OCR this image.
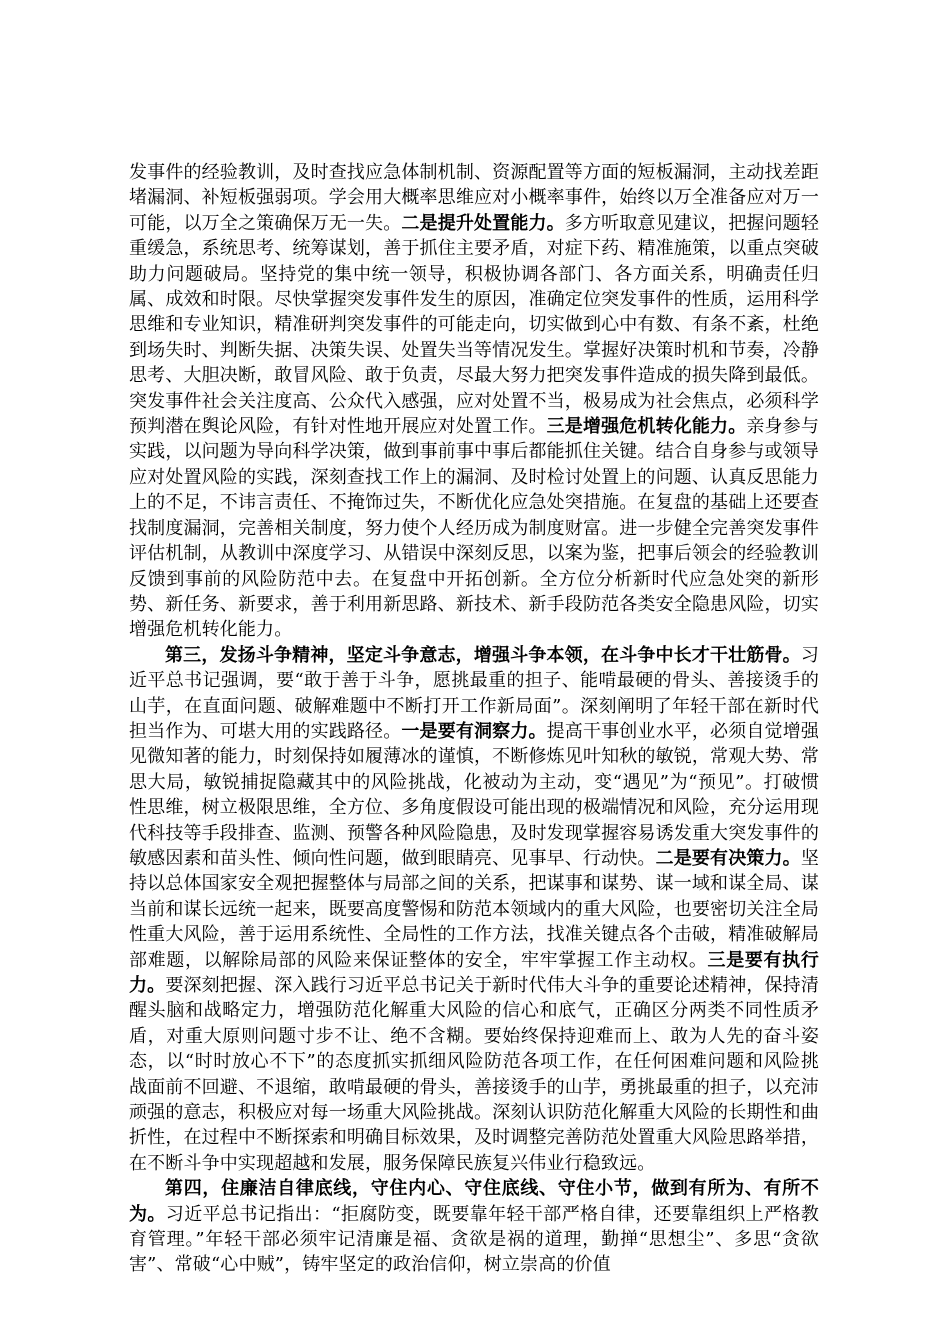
发事件的经验教训，及时查找应急体制机制、资源配置等方面的短板漏洞，主动找差距堵漏洞、补短板强弱项。学会用大概率思维应对小概率事件，始终以万全准备应对万一可能，以万全之策确保万无一失。二是提升处置能力。多方听取意见建议，把握问题轻重缓急，系统思考、统筹谋划，善于抓住主要矛盾，对症下药、精准施策，以重点突破助力问题破局。坚持党的集中统一领导，积极协调各部门、各方面关系，明确责任归属、成效和时限。尽快掌握突发事件发生的原因，准确定位突发事件的性质，运用科学思维和专业知识，精准研判突发事件的可能走向，切实做到心中有数、有条不紊，杜绝到场失时、判断失据、决策失误、处置失当等情况发生。掌握好决策时机和节奏，冷静思考、大胆决断，敢冒风险、敢于负责，尽最大努力把突发事件造成的损失降到最低。突发事件社会关注度高、公众代入感强，应对处置不当，极易成为社会焦点，必须科学预判潜在舆论风险，有针对性地开展应对处置工作。三是增强危机转化能力。亲身参与实践，以问题为导向科学决策，做到事前事中事后都能抓住关键。结合自身参与或领导应对处置风险的实践，深刻查找工作上的漏洞、及时检讨处置上的问题、认真反思能力上的不足，不讳言责任、不掩饰过失，不断优化应急处突措施。在复盘的基础上还要查找制度漏洞，完善相关制度，努力使个人经历成为制度财富。进一步健全完善突发事件评估机制，从教训中深度学习、从错误中深刻反思，以案为鉴，把事后领会的经验教训反馈到事前的风险防范中去。在复盘中开拓创新。全方位分析新时代应急处突的新形势、新任务、新要求，善于利用新思路、新技术、新手段防范各类安全隐患风险，切实增强危机转化能力。

第三，发扬斗争精神，坚定斗争意志，增强斗争本领，在斗争中长才干壮筋骨。习近平总书记强调，要“敢于善于斗争，愿挑最重的担子、能啃最硬的骨头、善接烫手的山芋，在直面问题、破解难题中不断打开工作新局面”。深刻阐明了年轻干部在新时代担当作为、可堪大用的实践路径。一是要有洞察力。提高干事创业水平，必须自觉增强见微知著的能力，时刻保持如履薄冰的谨慎，不断修炼见叶知秋的敏锐，常观大势、常思大局，敏锐捕捉隐藏其中的风险挑战，化被动为主动，变“遇见”为“预见”。打破惯性思维，树立极限思维，全方位、多角度假设可能出现的极端情况和风险，充分运用现代科技等手段排查、监测、预警各种风险隐患，及时发现掌握容易诱发重大突发事件的敏感因素和苗头性、倾向性问题，做到眼睛亮、见事早、行动快。二是要有决策力。坚持以总体国家安全观把握整体与局部之间的关系，把谋事和谋势、谋一域和谋全局、谋当前和谋长远统一起来，既要高度警惕和防范本领域内的重大风险，也要密切关注全局性重大风险，善于运用系统性、全局性的工作方法，找准关键点各个击破，精准破解局部难题，以解除局部的风险来保证整体的安全，牢牢掌握工作主动权。三是要有执行力。要深刻把握、深入践行习近平总书记关于新时代伟大斗争的重要论述精神，保持清醒头脑和战略定力，增强防范化解重大风险的信心和底气，正确区分两类不同性质矛盾，对重大原则问题寸步不让、绝不含糊。要始终保持迎难而上、敢为人先的奋斗姿态，以“时时放心不下”的态度抓实抓细风险防范各项工作，在任何困难问题和风险挑战面前不回避、不退缩，敢啃最硬的骨头，善接烫手的山芋，勇挑最重的担子，以充沛顽强的意志，积极应对每一场重大风险挑战。深刻认识防范化解重大风险的长期性和曲折性，在过程中不断探索和明确目标效果，及时调整完善防范处置重大风险思路举措，在不断斗争中实现超越和发展，服务保障民族复兴伟业行稳致远。

第四，住廉洁自律底线，守住内心、守住底线、守住小节，做到有所为、有所不为。习近平总书记指出：“拒腐防变，既要靠年轻干部严格自律，还要靠组织上严格教育管理。”年轻干部必须牢记清廉是福、贪欲是祸的道理，勤掸“思想尘”、多思“贪欲害”、常破“心中贼”，铸牢坚定的政治信仰，树立崇高的价值
